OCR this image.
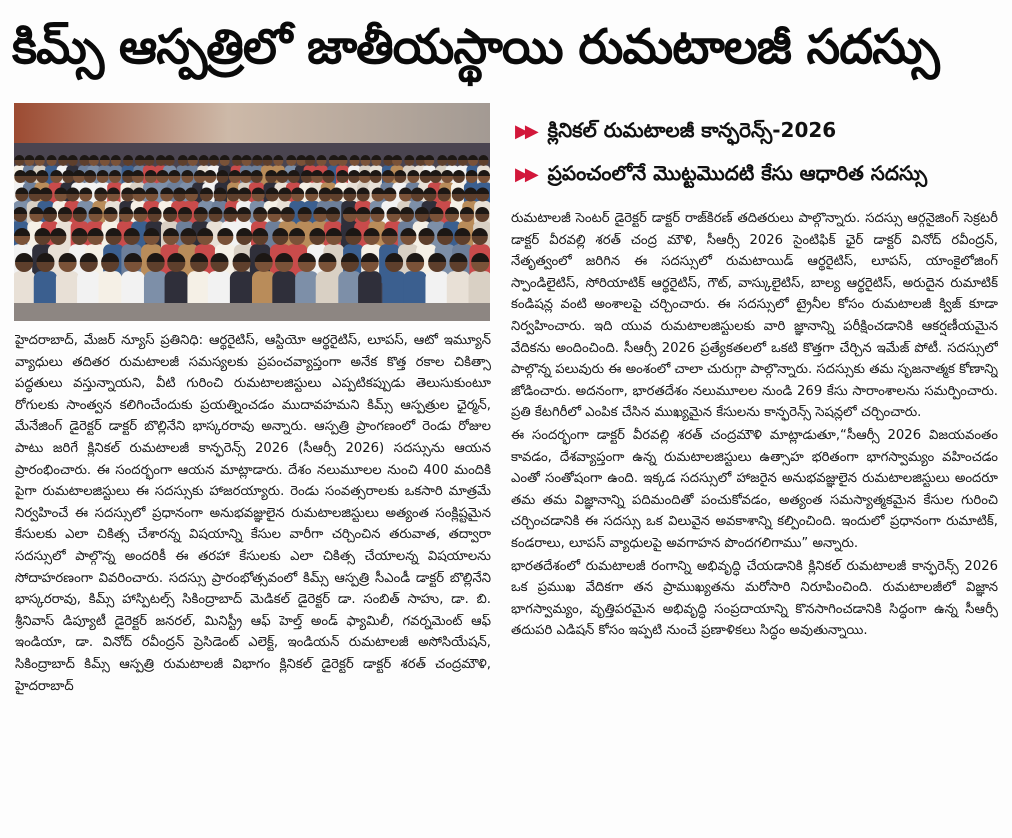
కిమ్స్ ఆస్పత్రిలో జాతీయస్థాయి రుమటాలజీ సదస్సు
▶▶ క్లినికల్ రుమటాలజీ కాన్ఫరెన్స్-2026
▶▶ ప్రపంచంలోనే మొట్టమొదటి కేసు ఆధారిత సదస్సు

హైదరాబాద్, మేజర్ న్యూస్ ప్రతినిధి: ఆర్థరైటిస్, ఆస్టియో ఆర్థరైటిస్, లూపస్, ఆటో ఇమ్యూన్ వ్యాధులు తదితర రుమటాలజీ సమస్యలకు ప్రపంచవ్యాప్తంగా అనేక కొత్త రకాల చికిత్సా పద్ధతులు వస్తున్నాయని, వీటి గురించి రుమటాలజిస్టులు ఎప్పటికప్పుడు తెలుసుకుంటూ రోగులకు సాంత్వన కలిగించేందుకు ప్రయత్నించడం ముదావహమని కిమ్స్ ఆస్పత్రుల ఛైర్మన్, మేనేజింగ్ డైరెక్టర్ డాక్టర్ బొల్లినేని భాస్కరరావు అన్నారు. ఆస్పత్రి ప్రాంగణంలో రెండు రోజుల పాటు జరిగే క్లినికల్ రుమటాలజీ కాన్ఫరెన్స్ 2026 (సీఆర్సీ 2026) సదస్సును ఆయన ప్రారంభించారు. ఈ సందర్భంగా ఆయన మాట్లాడారు. దేశం నలుమూలల నుంచి 400 మందికి పైగా రుమటాలజిస్టులు ఈ సదస్సుకు హాజరయ్యారు. రెండు సంవత్సరాలకు ఒకసారి మాత్రమే నిర్వహించే ఈ సదస్సులో ప్రధానంగా అనుభవజ్ఞులైన రుమటాలజిస్టులు అత్యంత సంక్లిష్టమైన కేసులకు ఎలా చికిత్స చేశారన్న విషయాన్ని కేసుల వారీగా చర్చించిన తరువాత, తద్వారా సదస్సులో పాల్గొన్న అందరికీ ఈ తరహా కేసులకు ఎలా చికిత్స చేయాలన్న విషయాలను సోదాహరణంగా వివరించారు. సదస్సు ప్రారంభోత్సవంలో కిమ్స్ ఆస్పత్రి సీఎండీ డాక్టర్ బొల్లినేని భాస్కరరావు, కిమ్స్ హాస్పిటల్స్ సికింద్రాబాద్ మెడికల్ డైరెక్టర్ డా. సంబిత్ సాహు, డా. బి. శ్రీనివాస్ డిప్యూటీ డైరెక్టర్ జనరల్, మినిస్ట్రీ ఆఫ్ హెల్త్ అండ్ ఫ్యామిలీ, గవర్నమెంట్ ఆఫ్ ఇండియా, డా. వినోద్ రవీంద్రన్ ప్రెసిడెంట్ ఎలెక్ట్, ఇండియన్ రుమటాలజీ అసోసియేషన్, సికింద్రాబాద్ కిమ్స్ ఆస్పత్రి రుమటాలజీ విభాగం క్లినికల్ డైరెక్టర్ డాక్టర్ శరత్ చంద్రమౌళి, హైదరాబాద్

రుమటాలజీ సెంటర్ డైరెక్టర్ డాక్టర్ రాజ్‌కిరణ్ తదితరులు పాల్గొన్నారు. సదస్సు ఆర్గనైజింగ్ సెక్రటరీ డాక్టర్ వీరవల్లి శరత్ చంద్ర మౌళి, సీఆర్సీ 2026 సైంటిఫిక్ ఛైర్ డాక్టర్ వినోద్ రవీంద్రన్, నేతృత్వంలో జరిగిన ఈ సదస్సులో రుమటాయిడ్ ఆర్థరైటిస్, లూపస్, యాంకైలోజింగ్ స్పాండిలైటిస్, సోరియాటిక్ ఆర్థరైటిస్, గౌట్, వాస్కులైటిస్, బాల్య ఆర్థరైటిస్, అరుదైన రుమాటిక్ కండిషన్ల వంటి అంశాలపై చర్చించారు. ఈ సదస్సులో ట్రైనీల కోసం రుమటాలజీ క్విజ్ కూడా నిర్వహించారు. ఇది యువ రుమటాలజిస్టులకు వారి జ్ఞానాన్ని పరీక్షించడానికి ఆకర్షణీయమైన వేదికను అందించింది. సీఆర్సీ 2026 ప్రత్యేకతలలో ఒకటి కొత్తగా చేర్చిన ఇమేజ్ పోటీ. సదస్సులో పాల్గొన్న పలువురు ఈ అంశంలో చాలా చురుగ్గా పాల్గొన్నారు. సదస్సుకు తమ సృజనాత్మక కోణాన్ని జోడించారు. అదనంగా, భారతదేశం నలుమూలల నుండి 269 కేసు సారాంశాలను సమర్పించారు. ప్రతి కేటగిరీలో ఎంపిక చేసిన ముఖ్యమైన కేసులను కాన్ఫరెన్స్ సెషన్లలో చర్చించారు.

ఈ సందర్భంగా డాక్టర్ వీరవల్లి శరత్ చంద్రమౌళి మాట్లాడుతూ,“సీఆర్సీ 2026 విజయవంతం కావడం, దేశవ్యాప్తంగా ఉన్న రుమటాలజిస్టులు ఉత్సాహ భరితంగా భాగస్వామ్యం వహించడం ఎంతో సంతోషంగా ఉంది. ఇక్కడ సదస్సులో హాజరైన అనుభవజ్ఞులైన రుమటాలజిస్టులు అందరూ తమ తమ విజ్ఞానాన్ని పదిమందితో పంచుకోవడం, అత్యంత సమస్యాత్మకమైన కేసుల గురించి చర్చించడానికి ఈ సదస్సు ఒక విలువైన అవకాశాన్ని కల్పించింది. ఇందులో ప్రధానంగా రుమాటిక్, కండరాలు, లూపస్ వ్యాధులపై అవగాహన పొందగలిగాము” అన్నారు.

భారతదేశంలో రుమటాలజీ రంగాన్ని అభివృద్ధి చేయడానికి క్లినికల్ రుమటాలజీ కాన్ఫరెన్స్ 2026 ఒక ప్రముఖ వేదికగా తన ప్రాముఖ్యతను మరోసారి నిరూపించింది. రుమటాలజీలో విజ్ఞాన భాగస్వామ్యం, వృత్తిపరమైన అభివృద్ధి సంప్రదాయాన్ని కొనసాగించడానికి సిద్ధంగా ఉన్న సీఆర్సీ తదుపరి ఎడిషన్ కోసం ఇప్పటి నుంచే ప్రణాళికలు సిద్ధం అవుతున్నాయి.
